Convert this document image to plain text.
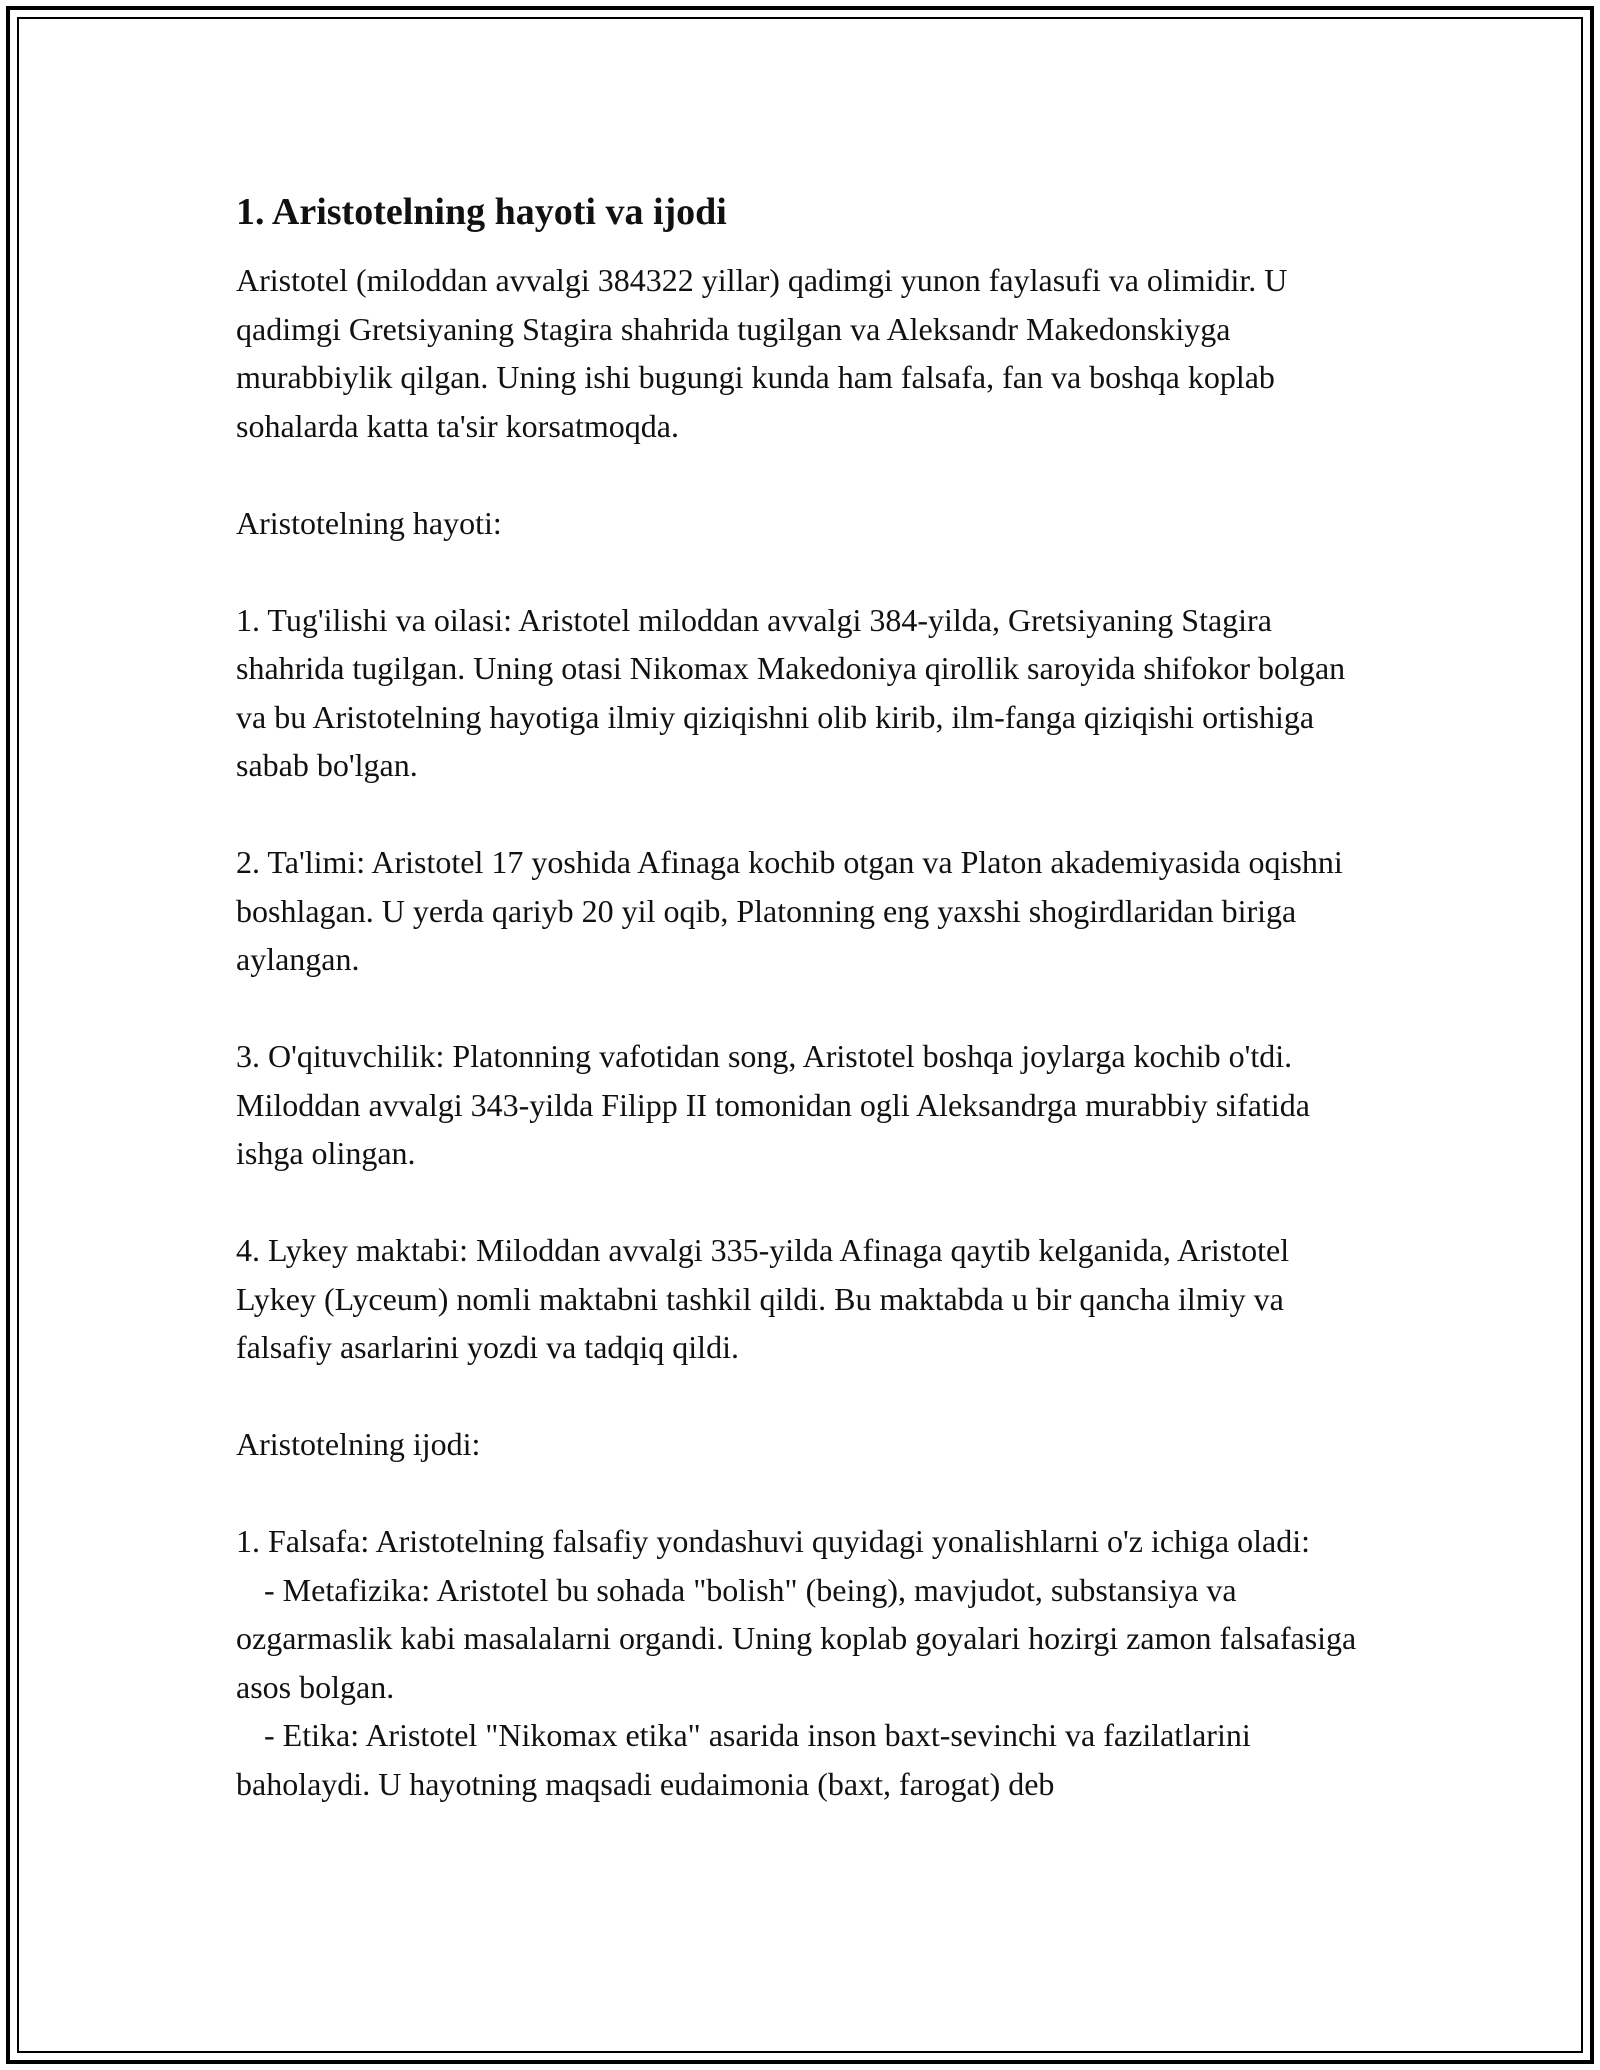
1. Aristotelning hayoti va ijodi

Aristotel (miloddan avvalgi 384322 yillar) qadimgi yunon faylasufi va olimidir. U qadimgi Gretsiyaning Stagira shahrida tugilgan va Aleksandr Makedonskiyga murabbiylik qilgan. Uning ishi bugungi kunda ham falsafa, fan va boshqa koplab sohalarda katta ta'sir korsatmoqda.

Aristotelning hayoti:

1. Tug'ilishi va oilasi: Aristotel miloddan avvalgi 384-yilda, Gretsiyaning Stagira shahrida tugilgan. Uning otasi Nikomax Makedoniya qirollik saroyida shifokor bolgan va bu Aristotelning hayotiga ilmiy qiziqishni olib kirib, ilm-fanga qiziqishi ortishiga sabab bo'lgan.

2. Ta'limi: Aristotel 17 yoshida Afinaga kochib otgan va Platon akademiyasida oqishni boshlagan. U yerda qariyb 20 yil oqib, Platonning eng yaxshi shogirdlaridan biriga aylangan.

3. O'qituvchilik: Platonning vafotidan song, Aristotel boshqa joylarga kochib o'tdi. Miloddan avvalgi 343-yilda Filipp II tomonidan ogli Aleksandrga murabbiy sifatida ishga olingan.

4. Lykey maktabi: Miloddan avvalgi 335-yilda Afinaga qaytib kelganida, Aristotel Lykey (Lyceum) nomli maktabni tashkil qildi. Bu maktabda u bir qancha ilmiy va falsafiy asarlarini yozdi va tadqiq qildi.

Aristotelning ijodi:

1. Falsafa: Aristotelning falsafiy yondashuvi quyidagi yonalishlarni o'z ichiga oladi:

- Metafizika: Aristotel bu sohada "bolish" (being), mavjudot, substansiya va ozgarmaslik kabi masalalarni organdi. Uning koplab goyalari hozirgi zamon falsafasiga asos bolgan.

- Etika: Aristotel "Nikomax etika" asarida inson baxt-sevinchi va fazilatlarini baholaydi. U hayotning maqsadi eudaimonia (baxt, farogat) deb
